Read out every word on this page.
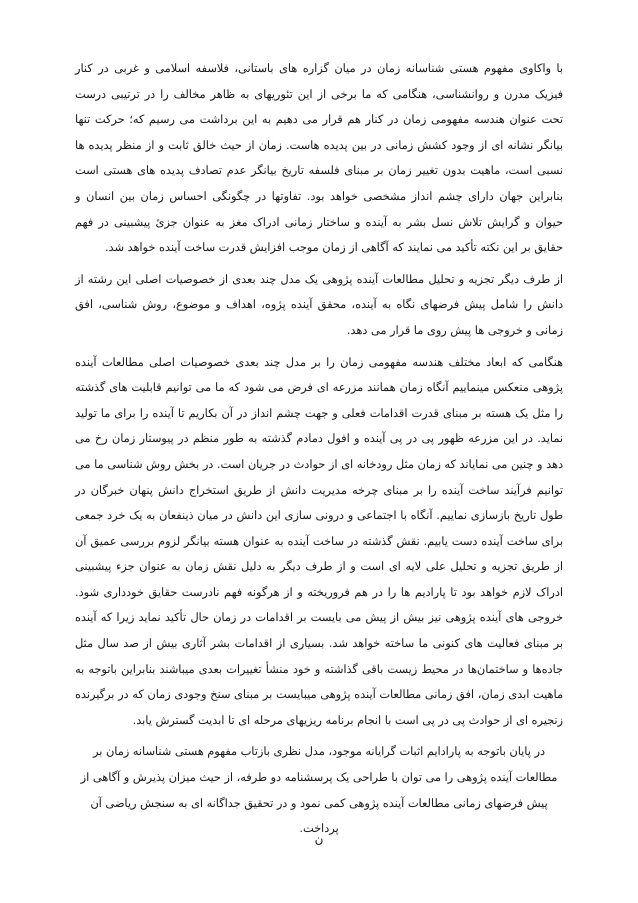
با واکاوی مفهوم هستی شناسانه زمان در میان گزاره های باستانی، فلاسفه اسلامی و غربی در کنار فیزیک مدرن و روانشناسی، هنگامی که ما برخی از این تئوریهای به ظاهر مخالف را در ترتیبی درست تحت عنوان هندسه مفهومی زمان در کنار هم قرار می دهیم به این برداشت می رسیم که؛ حرکت تنها بیانگر نشانه ای از وجود کشش زمانی در بین پدیده هاست. زمان از حیث خالق ثابت و از منظر پدیده ها نسبی است، ماهیت بدون تغییر زمان بر مبنای فلسفه تاریخ بیانگر عدم تصادف پدیده های هستی است بنابراین جهان دارای چشم انداز مشخصی خواهد بود. تفاوتها در چگونگی احساس زمان بین انسان و حیوان و گرایش تلاش نسل بشر به آینده و ساختار زمانی ادراک مغز به عنوان جزئ پیشبینی در فهم حقایق بر این نکته تأکید می نمایند که آگاهی از زمان موجب افزایش قدرت ساخت آینده خواهد شد.

از طرف دیگر تجزیه و تحلیل مطالعات آینده پژوهی یک مدل چند بعدی از خصوصیات اصلی این رشته از دانش را شامل پیش فرضهای نگاه به آینده، محقق آینده پژوه، اهداف و موضوع، روش شناسی، افق زمانی و خروجی ها پیش روی ما قرار می دهد.

هنگامی که ابعاد مختلف هندسه مفهومی زمان را بر مدل چند بعدی خصوصیات اصلی مطالعات آینده پژوهی منعکس مینماییم آنگاه زمان همانند مزرعه ای فرض می شود که ما می توانیم قابلیت های گذشته را مثل یک هسته بر مبنای قدرت اقدامات فعلی و جهت چشم انداز در آن بکاریم تا آینده را برای ما تولید نماید. در این مزرعه ظهور پی در پی آینده و افول دمادم گذشته به طور منظم در پیوستار زمان رخ می دهد و چنین می نمایاند که زمان مثل رودخانه ای از حوادث در جریان است. در بخش روش شناسی ما می توانیم فرآیند ساخت آینده را بر مبنای چرخه مدیریت دانش از طریق استخراج دانش پنهان خبرگان در طول تاریخ بازسازی نماییم. آنگاه با اجتماعی و درونی سازی این دانش در میان ذینفعان به یک خرد جمعی برای ساخت آینده دست یابیم. نقش گذشته در ساخت آینده به عنوان هسته بیانگر لزوم بررسی عمیق آن از طریق تجزیه و تحلیل علی لایه ای است و از طرف دیگر به دلیل نقش زمان به عنوان جزء پیشبینی ادراک لازم خواهد بود تا پارادیم ها را در هم فروریخته و از هرگونه فهم نادرست حقایق خودداری شود. خروجی های آینده پژوهی نیز بیش از پیش می بایست بر اقدامات در زمان حال تأکید نماید زیرا که آینده بر مبنای فعالیت های کنونی ما ساخته خواهد شد. بسیاری از اقدامات بشر آثاری بیش از صد سال مثل جاده‌ها و ساختمان‌ها در محیط زیست باقی گذاشته و خود منشأ تغییرات بعدی میباشند بنابراین باتوجه به ماهیت ابدی زمان، افق زمانی مطالعات آینده پژوهی میبایست بر مبنای سنخ وجودی زمان که در برگیرنده زنجیره ای از حوادث پی در پی است با انجام برنامه ریزیهای مرحله ای تا ابدیت گسترش یابد.

در پایان باتوجه به پارادایم اثبات گرایانه موجود، مدل نظری بازتاب مفهوم هستی شناسانه زمان بر مطالعات آینده پژوهی را می توان با طراحی یک پرسشنامه دو طرفه، از حیث میزان پذیرش و آگاهی از پیش فرضهای زمانی مطالعات آینده پژوهی کمی نمود و در تحقیق جداگانه ای به سنجش ریاضی آن پرداخت.

ن
